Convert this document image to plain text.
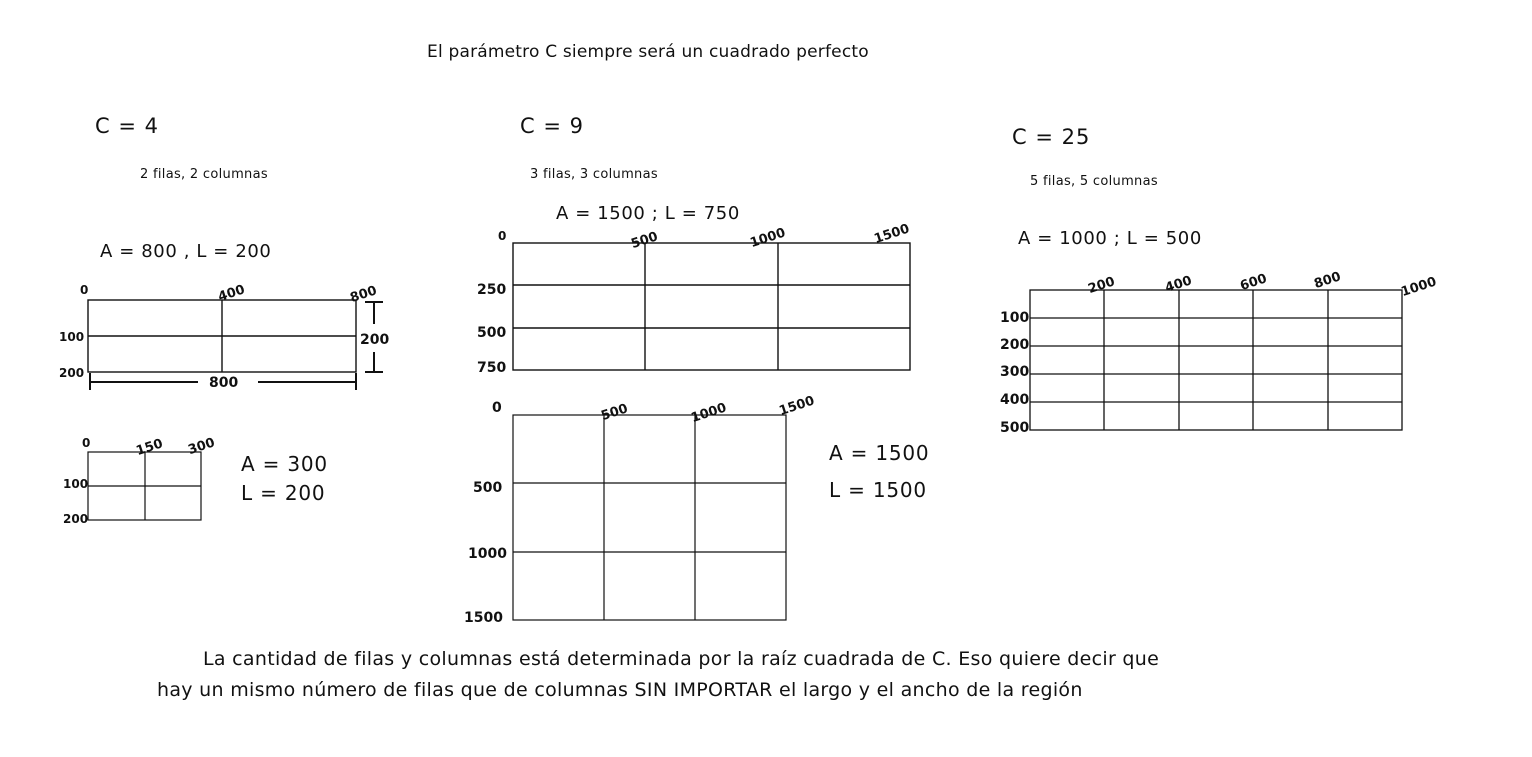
El parámetro C siempre será un cuadrado perfecto
C = 4
2 filas, 2 columnas
A = 800 , L = 200
0	400	800
100
200
800
200
0	150 300
100
200
A = 300
L = 200
C = 9
3 filas, 3 columnas
A = 1500 ; L = 750
0	500	1000	1500
250
500
750
0	500	1000	1500
500
1000
1500
A = 1500
L = 1500
C = 25
5 filas, 5 columnas
A = 1000 ; L = 500
200	400	600	800	1000
100
200
300
400
500
La cantidad de filas y columnas está determinada por la raíz cuadrada de C. Eso quiere decir que
hay un mismo número de filas que de columnas SIN IMPORTAR el largo y el ancho de la región
